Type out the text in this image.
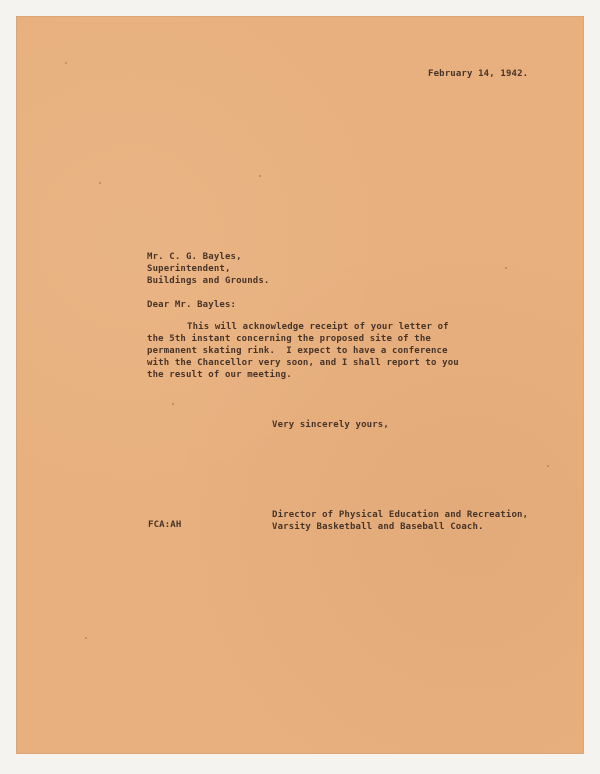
February 14, 1942.
Mr. C. G. Bayles,
Superintendent,
Buildings and Grounds.
Dear Mr. Bayles:
This will acknowledge receipt of your letter of
the 5th instant concerning the proposed site of the
permanent skating rink.  I expect to have a conference
with the Chancellor very soon, and I shall report to you
the result of our meeting.
Very sincerely yours,
Director of Physical Education and Recreation,
Varsity Basketball and Baseball Coach.
FCA:AH
